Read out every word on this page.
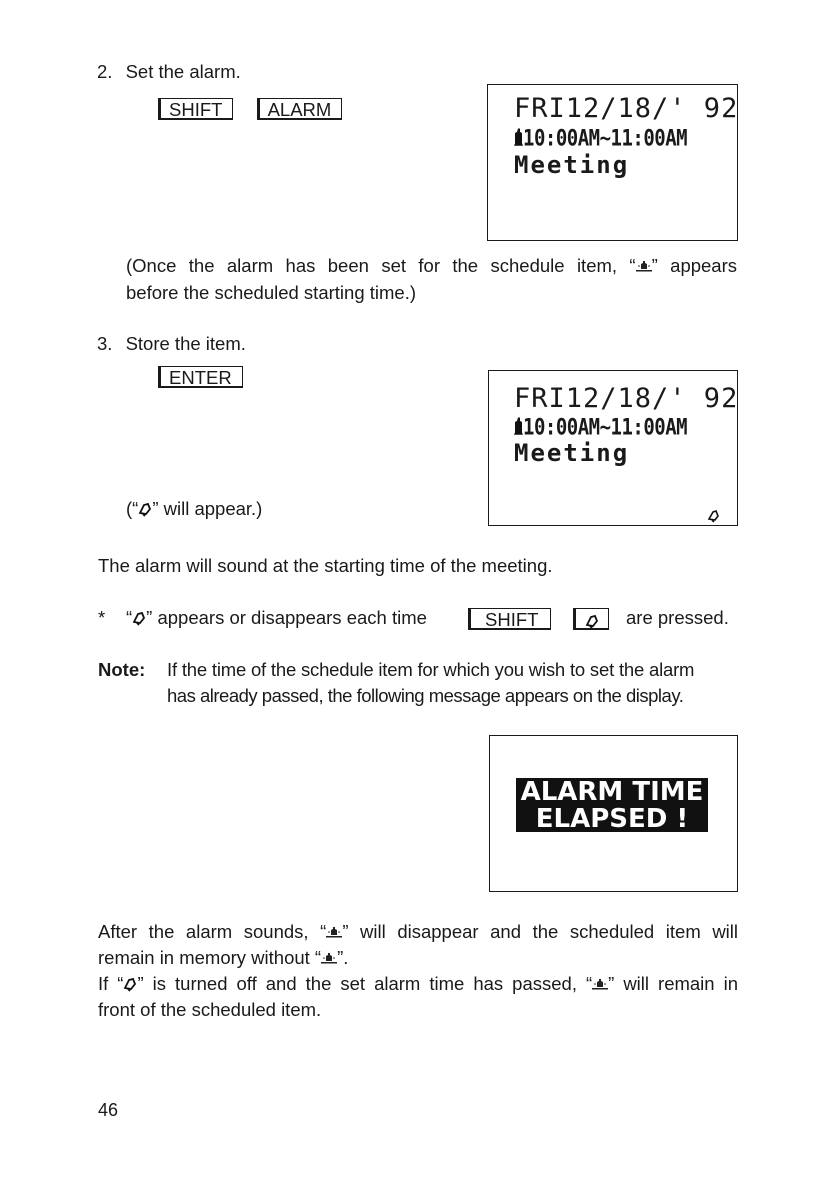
2. Set the alarm.
SHIFT ALARM	FRI12/18/' 92
10:00AM~11:00AM
Meeting
(Once the alarm has been set for the schedule item, “ ” appears
before the scheduled starting time.)
3. Store the item.
ENTER
FRI12/18/' 92
10:00AM~11:00AM
Meeting
(“ ” will appear.)
The alarm will sound at the starting time of the meeting.
* “ ” appears or disappears each time	SHIFT	are pressed.
Note: If the time of the schedule item for which you wish to set the alarm
has already passed, the following message appears on the display.
ALARM TIME
ELAPSED !
After the alarm sounds, “ ” will disappear and the scheduled item will
remain in memory without “ ”.
If “ ” is turned off and the set alarm time has passed, “ ” will remain in
front of the scheduled item.
46
